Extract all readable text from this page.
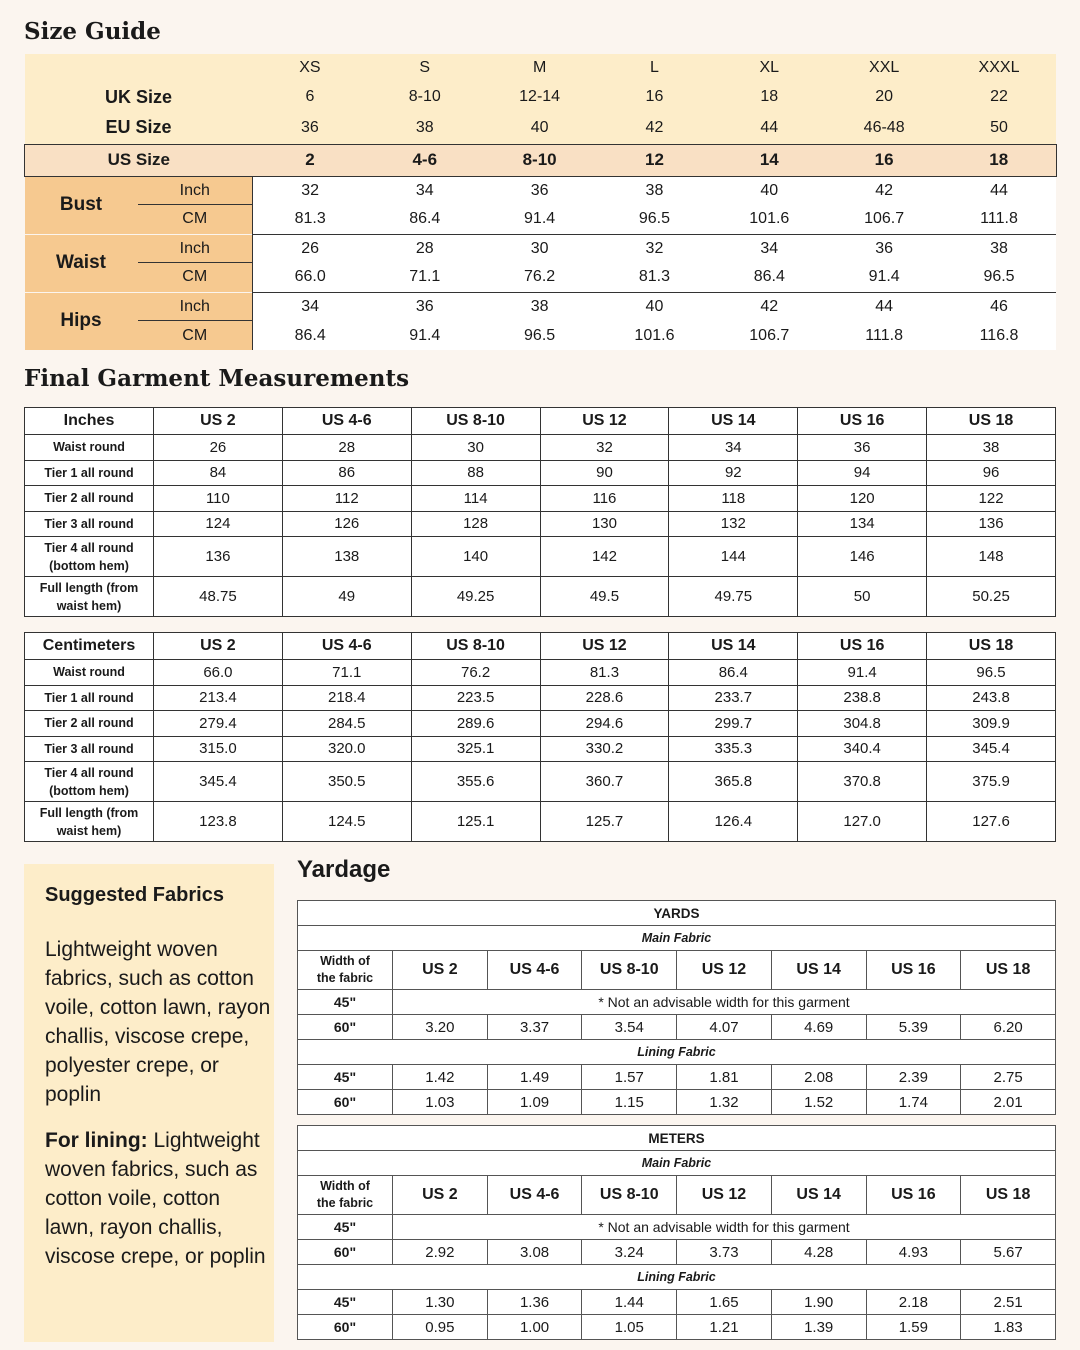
Size Guide
		XS	S	M	L	XL	XXL	XXXL
UK Size		6	8-10	12-14	16	18	20	22
EU Size		36	38	40	42	44	46-48	50
US Size		2	4-6	8-10	12	14	16	18
Bust	Inch	32	34	36	38	40	42	44
	CM	81.3	86.4	91.4	96.5	101.6	106.7	111.8
Waist	Inch	26	28	30	32	34	36	38
	CM	66.0	71.1	76.2	81.3	86.4	91.4	96.5
Hips	Inch	34	36	38	40	42	44	46
	CM	86.4	91.4	96.5	101.6	106.7	111.8	116.8
Final Garment Measurements
Inches	US 2	US 4-6	US 8-10	US 12	US 14	US 16	US 18
Waist round	26	28	30	32	34	36	38
Tier 1 all round	84	86	88	90	92	94	96
Tier 2 all round	110	112	114	116	118	120	122
Tier 3 all round	124	126	128	130	132	134	136
Tier 4 all round (bottom hem)	136	138	140	142	144	146	148
Full length (from waist hem)	48.75	49	49.25	49.5	49.75	50	50.25
Centimeters	US 2	US 4-6	US 8-10	US 12	US 14	US 16	US 18
Waist round	66.0	71.1	76.2	81.3	86.4	91.4	96.5
Tier 1 all round	213.4	218.4	223.5	228.6	233.7	238.8	243.8
Tier 2 all round	279.4	284.5	289.6	294.6	299.7	304.8	309.9
Tier 3 all round	315.0	320.0	325.1	330.2	335.3	340.4	345.4
Tier 4 all round (bottom hem)	345.4	350.5	355.6	360.7	365.8	370.8	375.9
Full length (from waist hem)	123.8	124.5	125.1	125.7	126.4	127.0	127.6
Suggested Fabrics

Lightweight woven fabrics, such as cotton voile, cotton lawn, rayon challis, viscose crepe, polyester crepe, or poplin

For lining: Lightweight woven fabrics, such as cotton voile, cotton lawn, rayon challis, viscose crepe, or poplin

Yardage
YARDS							
Main Fabric							
Width of the fabric	US 2	US 4-6	US 8-10	US 12	US 14	US 16	US 18
45"	* Not an advisable width for this garment						
60"	3.20	3.37	3.54	4.07	4.69	5.39	6.20
Lining Fabric							
45"	1.42	1.49	1.57	1.81	2.08	2.39	2.75
60"	1.03	1.09	1.15	1.32	1.52	1.74	2.01
METERS							
Main Fabric							
Width of the fabric	US 2	US 4-6	US 8-10	US 12	US 14	US 16	US 18
45"	* Not an advisable width for this garment						
60"	2.92	3.08	3.24	3.73	4.28	4.93	5.67
Lining Fabric							
45"	1.30	1.36	1.44	1.65	1.90	2.18	2.51
60"	0.95	1.00	1.05	1.21	1.39	1.59	1.83
